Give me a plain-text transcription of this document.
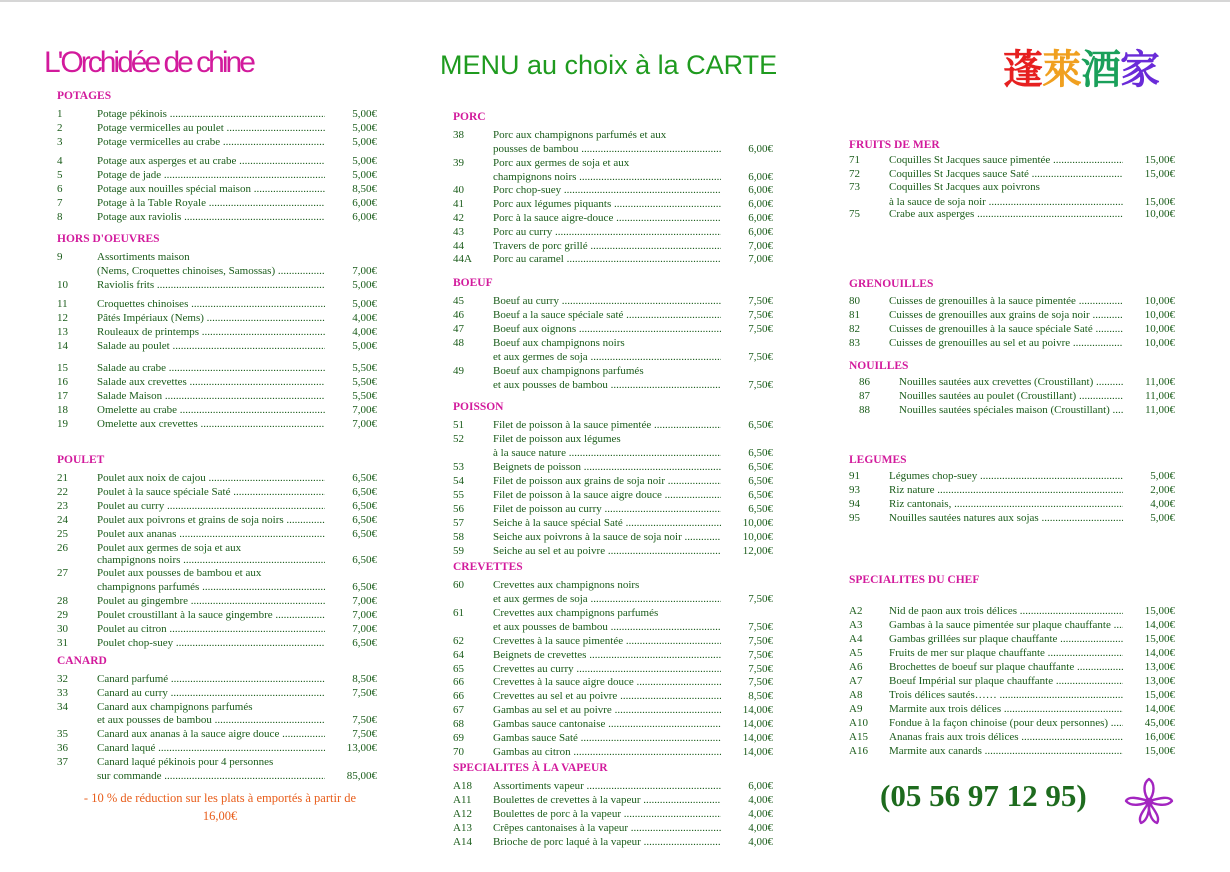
L'Orchidée de chine	MENU au choix à la CARTE	蓬萊酒家
POTAGES
1	Potage pékinois .....	5,00€
2	Potage vermicelles au poulet .....	5,00€
3	Potage vermicelles au crabe .....	5,00€
4	Potage aux asperges et au crabe .....	5,00€
5	Potage de jade .....	5,00€
6	Potage aux nouilles spécial maison .....	8,50€
7	Potage à la Table Royale .....	6,00€
8	Potage aux raviolis .....	6,00€
HORS D'OEUVRES
9	Assortiments maison
(Nems, Croquettes chinoises, Samossas) .....	7,00€
10	Raviolis frits .....	5,00€
11	Croquettes chinoises .....	5,00€
12	Pâtés Impériaux (Nems) .....	4,00€
13	Rouleaux de printemps .....	4,00€
14	Salade au poulet .....	5,00€
15	Salade au crabe .....	5,50€
16	Salade aux crevettes .....	5,50€
17	Salade Maison .....	5,50€
18	Omelette au crabe .....	7,00€
19	Omelette aux crevettes .....	7,00€
POULET
21	Poulet aux noix de cajou .....	6,50€
22	Poulet à la sauce spéciale Saté .....	6,50€
23	Poulet au curry .....	6,50€
24	Poulet aux poivrons et grains de soja noirs .....	6,50€
25	Poulet aux ananas .....	6,50€
26	Poulet aux germes de soja et aux
champignons noirs .....	6,50€
27	Poulet aux pousses de bambou et aux
champignons parfumés .....	6,50€
28	Poulet au gingembre .....	7,00€
29	Poulet croustillant à la sauce gingembre .....	7,00€
30	Poulet au citron .....	7,00€
31	Poulet chop-suey .....	6,50€
CANARD
32	Canard parfumé .....	8,50€
33	Canard au curry .....	7,50€
34	Canard aux champignons parfumés
et aux pousses de bambou .....	7,50€
35	Canard aux ananas à la sauce aigre douce .....	7,50€
36	Canard laqué .....	13,00€
37	Canard laqué pékinois pour 4 personnes
sur commande .....	85,00€
PORC
38	Porc aux champignons parfumés et aux
pousses de bambou .....	6,00€
39	Porc aux germes de soja et aux
champignons noirs .....	6,00€
40	Porc chop-suey .....	6,00€
41	Porc aux légumes piquants .....	6,00€
42	Porc à la sauce aigre-douce .....	6,00€
43	Porc au curry .....	6,00€
44	Travers de porc grillé .....	7,00€
44A Porc au caramel .....	7,00€
BOEUF
45	Boeuf au curry .....	7,50€
46	Boeuf a la sauce spéciale saté .....	7,50€
47	Boeuf aux oignons .....	7,50€
48	Boeuf aux champignons noirs
et aux germes de soja .....	7,50€
49	Boeuf aux champignons parfumés
et aux pousses de bambou .....	7,50€
POISSON
51	Filet de poisson à la sauce pimentée .....	6,50€
52	Filet de poisson aux légumes
à la sauce nature .....	6,50€
53	Beignets de poisson .....	6,50€
54	Filet de poisson aux grains de soja noir .....	6,50€
55	Filet de poisson à la sauce aigre douce .....	6,50€
56	Filet de poisson au curry .....	6,50€
57	Seiche à la sauce spécial Saté .....	10,00€
58	Seiche aux poivrons à la sauce de soja noir .....	10,00€
59	Seiche au sel et au poivre .....	12,00€
CREVETTES
60	Crevettes aux champignons noirs
et aux germes de soja .....	7,50€
61	Crevettes aux champignons parfumés
et aux pousses de bambou .....	7,50€
62	Crevettes à la sauce pimentée .....	7,50€
64	Beignets de crevettes .....	7,50€
65	Crevettes au curry .....	7,50€
66	Crevettes à la sauce aigre douce .....	7,50€
66	Crevettes au sel et au poivre .....	8,50€
67	Gambas au sel et au poivre .....	14,00€
68	Gambas sauce cantonaise .....	14,00€
69	Gambas sauce Saté .....	14,00€
70	Gambas au citron .....	14,00€
SPECIALITES À LA VAPEUR
A18 Assortiments vapeur .....	6,00€
A11 Boulettes de crevettes à la vapeur .....	4,00€
A12 Boulettes de porc à la vapeur .....	4,00€
A13 Crêpes cantonaises à la vapeur .....	4,00€
A14 Brioche de porc laqué à la vapeur .....	4,00€
FRUITS DE MER
71	Coquilles St Jacques sauce pimentée .....	15,00€
72	Coquilles St Jacques sauce Saté .....	15,00€
73	Coquilles St Jacques aux poivrons
à la sauce de soja noir .....	15,00€
75	Crabe aux asperges .....	10,00€
GRENOUILLES
80	Cuisses de grenouilles à la sauce pimentée .....	10,00€
81	Cuisses de grenouilles aux grains de soja noir .....	10,00€
82	Cuisses de grenouilles à la sauce spéciale Saté .....	10,00€
83	Cuisses de grenouilles au sel et au poivre .....	10,00€
NOUILLES
86	Nouilles sautées aux crevettes (Croustillant) .....	11,00€
87	Nouilles sautées au poulet (Croustillant) .....	11,00€
88	Nouilles sautées spéciales maison (Croustillant) .....	11,00€
LEGUMES
91	Légumes chop-suey .....	5,00€
93	Riz nature .....	2,00€
94	Riz cantonais, .....	4,00€
95	Nouilles sautées natures aux sojas .....	5,00€
SPECIALITES DU CHEF
A2 Nid de paon aux trois délices .....	15,00€
A3 Gambas à la sauce pimentée sur plaque chauffante .....	14,00€
A4 Gambas grillées sur plaque chauffante .....	15,00€
A5 Fruits de mer sur plaque chauffante .....	14,00€
A6 Brochettes de boeuf sur plaque chauffante .....	13,00€
A7 Boeuf Impérial sur plaque chauffante .....	13,00€
A8 Trois délices sautés…… .....	15,00€
A9 Marmite aux trois délices .....	14,00€
A10 Fondue à la façon chinoise (pour deux personnes) .....	45,00€
A15 Ananas frais aux trois délices .....	16,00€
A16 Marmite aux canards .....	15,00€
- 10 % de réduction sur les plats à emportés à partir de
16,00€
(05 56 97 12 95)
